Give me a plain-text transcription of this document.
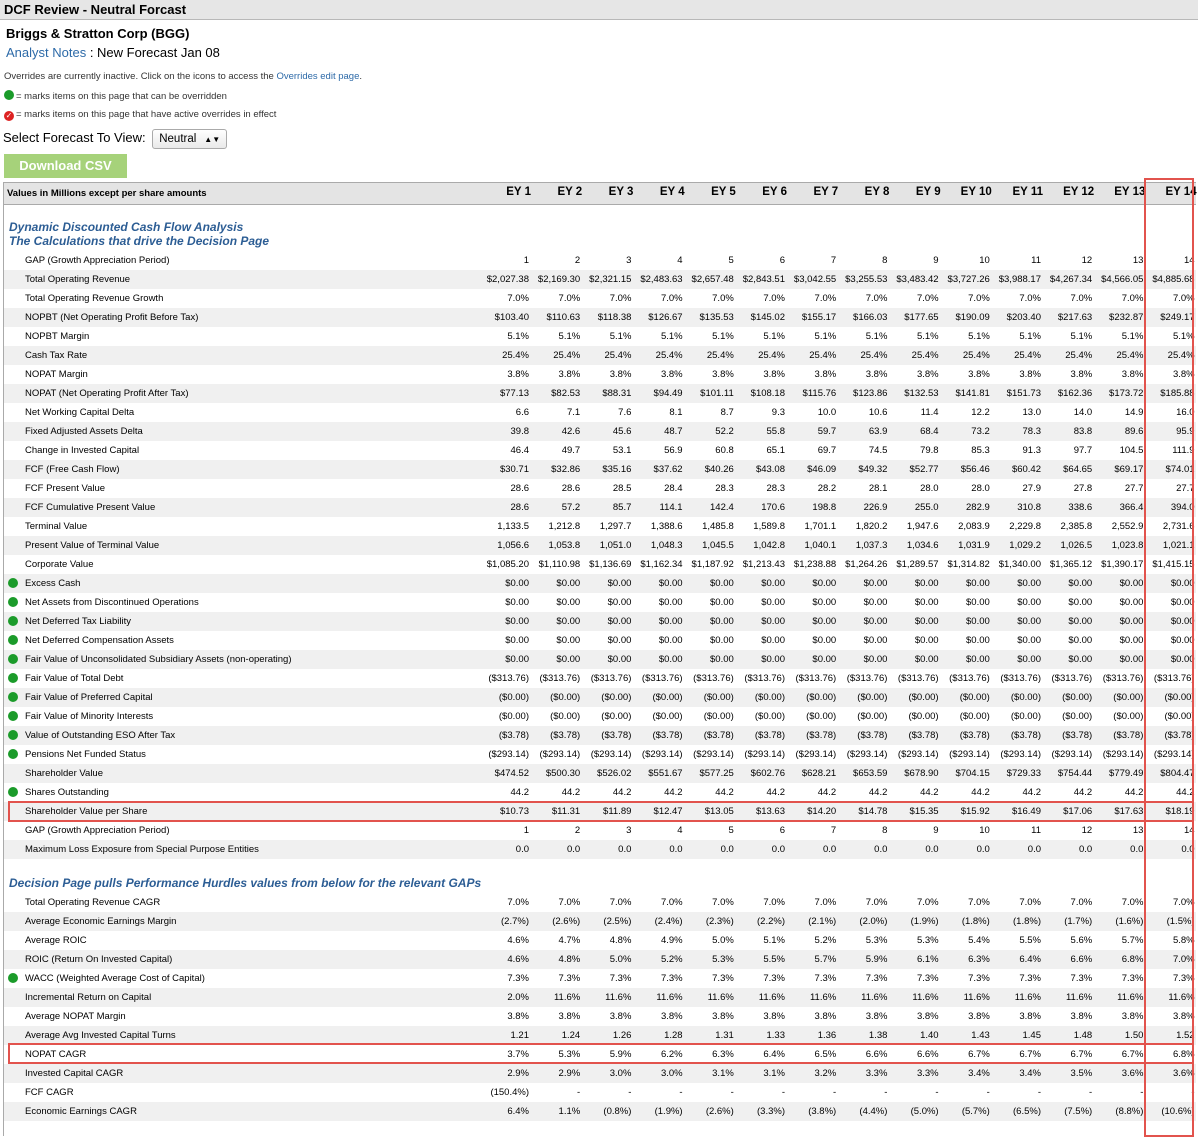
DCF Review - Neutral Forcast
Briggs & Stratton Corp (BGG)
Analyst Notes : New Forecast Jan 08
Overrides are currently inactive. Click on the icons to access the Overrides edit page.
= marks items on this page that can be overridden
✓ = marks items on this page that have active overrides in effect
Select Forecast To View: Neutral ▲▼
Download CSV
Values in Millions except per share amounts	EY 1	EY 2	EY 3	EY 4	EY 5	EY 6	EY 7	EY 8	EY 9	EY 10	EY 11	EY 12	EY 13	EY 14
Dynamic Discounted Cash Flow Analysis
The Calculations that drive the Decision Page
GAP (Growth Appreciation Period)	1	2	3	4	5	6	7	8	9	10	11	12	13	14
Total Operating Revenue	$2,027.38 $2,169.30 $2,321.15 $2,483.63 $2,657.48 $2,843.51 $3,042.55 $3,255.53 $3,483.42 $3,727.26 $3,988.17 $4,267.34 $4,566.05 $4,885.68
Total Operating Revenue Growth	7.0%	7.0%	7.0%	7.0%	7.0%	7.0%	7.0%	7.0%	7.0%	7.0%	7.0%	7.0%	7.0%	7.0%
NOPBT (Net Operating Profit Before Tax)	$103.40	$110.63	$118.38	$126.67	$135.53	$145.02	$155.17	$166.03	$177.65	$190.09	$203.40	$217.63	$232.87	$249.17
NOPBT Margin	5.1%	5.1%	5.1%	5.1%	5.1%	5.1%	5.1%	5.1%	5.1%	5.1%	5.1%	5.1%	5.1%	5.1%
Cash Tax Rate	25.4%	25.4%	25.4%	25.4%	25.4%	25.4%	25.4%	25.4%	25.4%	25.4%	25.4%	25.4%	25.4%	25.4%
NOPAT Margin	3.8%	3.8%	3.8%	3.8%	3.8%	3.8%	3.8%	3.8%	3.8%	3.8%	3.8%	3.8%	3.8%	3.8%
NOPAT (Net Operating Profit After Tax)	$77.13	$82.53	$88.31	$94.49	$101.11	$108.18	$115.76	$123.86	$132.53	$141.81	$151.73	$162.36	$173.72	$185.88
Net Working Capital Delta	6.6	7.1	7.6	8.1	8.7	9.3	10.0	10.6	11.4	12.2	13.0	14.0	14.9	16.0
Fixed Adjusted Assets Delta	39.8	42.6	45.6	48.7	52.2	55.8	59.7	63.9	68.4	73.2	78.3	83.8	89.6	95.9
Change in Invested Capital	46.4	49.7	53.1	56.9	60.8	65.1	69.7	74.5	79.8	85.3	91.3	97.7	104.5	111.9
FCF (Free Cash Flow)	$30.71	$32.86	$35.16	$37.62	$40.26	$43.08	$46.09	$49.32	$52.77	$56.46	$60.42	$64.65	$69.17	$74.01
FCF Present Value	28.6	28.6	28.5	28.4	28.3	28.3	28.2	28.1	28.0	28.0	27.9	27.8	27.7	27.7
FCF Cumulative Present Value	28.6	57.2	85.7	114.1	142.4	170.6	198.8	226.9	255.0	282.9	310.8	338.6	366.4	394.0
Terminal Value	1,133.5	1,212.8	1,297.7	1,388.6	1,485.8	1,589.8	1,701.1	1,820.2	1,947.6	2,083.9	2,229.8	2,385.8	2,552.9	2,731.6
Present Value of Terminal Value	1,056.6	1,053.8	1,051.0	1,048.3	1,045.5	1,042.8	1,040.1	1,037.3	1,034.6	1,031.9	1,029.2	1,026.5	1,023.8	1,021.1
Corporate Value	$1,085.20	$1,110.98 $1,136.69 $1,162.34 $1,187.92 $1,213.43 $1,238.88 $1,264.26 $1,289.57 $1,314.82 $1,340.00 $1,365.12 $1,390.17 $1,415.15
Excess Cash	$0.00	$0.00	$0.00	$0.00	$0.00	$0.00	$0.00	$0.00	$0.00	$0.00	$0.00	$0.00	$0.00	$0.00
Net Assets from Discontinued Operations	$0.00	$0.00	$0.00	$0.00	$0.00	$0.00	$0.00	$0.00	$0.00	$0.00	$0.00	$0.00	$0.00	$0.00
Net Deferred Tax Liability	$0.00	$0.00	$0.00	$0.00	$0.00	$0.00	$0.00	$0.00	$0.00	$0.00	$0.00	$0.00	$0.00	$0.00
Net Deferred Compensation Assets	$0.00	$0.00	$0.00	$0.00	$0.00	$0.00	$0.00	$0.00	$0.00	$0.00	$0.00	$0.00	$0.00	$0.00
Fair Value of Unconsolidated Subsidiary Assets (non-operating)	$0.00	$0.00	$0.00	$0.00	$0.00	$0.00	$0.00	$0.00	$0.00	$0.00	$0.00	$0.00	$0.00	$0.00
Fair Value of Total Debt	($313.76)	($313.76)	($313.76)	($313.76)	($313.76)	($313.76)	($313.76)	($313.76)	($313.76)	($313.76)	($313.76)	($313.76)	($313.76)	($313.76)
Fair Value of Preferred Capital	($0.00)	($0.00)	($0.00)	($0.00)	($0.00)	($0.00)	($0.00)	($0.00)	($0.00)	($0.00)	($0.00)	($0.00)	($0.00)	($0.00)
Fair Value of Minority Interests	($0.00)	($0.00)	($0.00)	($0.00)	($0.00)	($0.00)	($0.00)	($0.00)	($0.00)	($0.00)	($0.00)	($0.00)	($0.00)	($0.00)
Value of Outstanding ESO After Tax	($3.78)	($3.78)	($3.78)	($3.78)	($3.78)	($3.78)	($3.78)	($3.78)	($3.78)	($3.78)	($3.78)	($3.78)	($3.78)	($3.78)
Pensions Net Funded Status	($293.14)	($293.14)	($293.14)	($293.14)	($293.14)	($293.14)	($293.14)	($293.14)	($293.14)	($293.14)	($293.14)	($293.14)	($293.14)	($293.14)
Shareholder Value	$474.52	$500.30	$526.02	$551.67	$577.25	$602.76	$628.21	$653.59	$678.90	$704.15	$729.33	$754.44	$779.49	$804.47
Shares Outstanding	44.2	44.2	44.2	44.2	44.2	44.2	44.2	44.2	44.2	44.2	44.2	44.2	44.2	44.2
Shareholder Value per Share	$10.73	$11.31	$11.89	$12.47	$13.05	$13.63	$14.20	$14.78	$15.35	$15.92	$16.49	$17.06	$17.63	$18.19
GAP (Growth Appreciation Period)	1	2	3	4	5	6	7	8	9	10	11	12	13	14
Maximum Loss Exposure from Special Purpose Entities	0.0	0.0	0.0	0.0	0.0	0.0	0.0	0.0	0.0	0.0	0.0	0.0	0.0	0.0
Decision Page pulls Performance Hurdles values from below for the relevant GAPs
Total Operating Revenue CAGR	7.0%	7.0%	7.0%	7.0%	7.0%	7.0%	7.0%	7.0%	7.0%	7.0%	7.0%	7.0%	7.0%	7.0%
Average Economic Earnings Margin	(2.7%)	(2.6%)	(2.5%)	(2.4%)	(2.3%)	(2.2%)	(2.1%)	(2.0%)	(1.9%)	(1.8%)	(1.8%)	(1.7%)	(1.6%)	(1.5%)
Average ROIC	4.6%	4.7%	4.8%	4.9%	5.0%	5.1%	5.2%	5.3%	5.3%	5.4%	5.5%	5.6%	5.7%	5.8%
ROIC (Return On Invested Capital)	4.6%	4.8%	5.0%	5.2%	5.3%	5.5%	5.7%	5.9%	6.1%	6.3%	6.4%	6.6%	6.8%	7.0%
WACC (Weighted Average Cost of Capital)	7.3%	7.3%	7.3%	7.3%	7.3%	7.3%	7.3%	7.3%	7.3%	7.3%	7.3%	7.3%	7.3%	7.3%
Incremental Return on Capital	2.0%	11.6%	11.6%	11.6%	11.6%	11.6%	11.6%	11.6%	11.6%	11.6%	11.6%	11.6%	11.6%	11.6%
Average NOPAT Margin	3.8%	3.8%	3.8%	3.8%	3.8%	3.8%	3.8%	3.8%	3.8%	3.8%	3.8%	3.8%	3.8%	3.8%
Average Avg Invested Capital Turns	1.21	1.24	1.26	1.28	1.31	1.33	1.36	1.38	1.40	1.43	1.45	1.48	1.50	1.52
NOPAT CAGR	3.7%	5.3%	5.9%	6.2%	6.3%	6.4%	6.5%	6.6%	6.6%	6.7%	6.7%	6.7%	6.7%	6.8%
Invested Capital CAGR	2.9%	2.9%	3.0%	3.0%	3.1%	3.1%	3.2%	3.3%	3.3%	3.4%	3.4%	3.5%	3.6%	3.6%
FCF CAGR	(150.4%)	-	-	-	-	-	-	-	-	-	-	-	-	-
Economic Earnings CAGR	6.4%	1.1%	(0.8%)	(1.9%)	(2.6%)	(3.3%)	(3.8%)	(4.4%)	(5.0%)	(5.7%)	(6.5%)	(7.5%)	(8.8%)	(10.6%)
